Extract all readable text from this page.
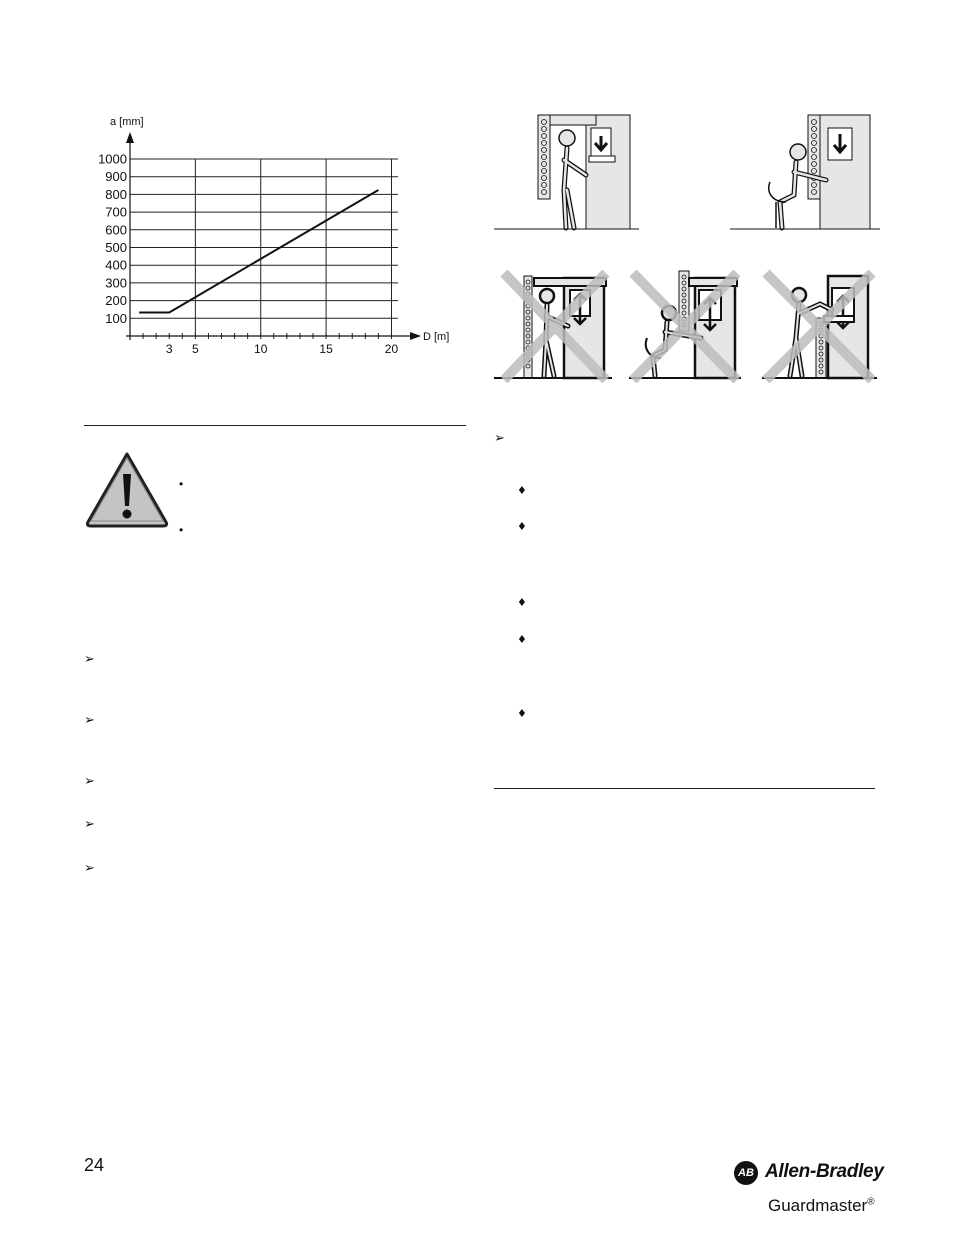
100
200
300
400
500
600
700
800
900
1000
3 5	10	15	20
a [mm]
D [m]
•
•
➢
➢
➢
➢
➢
➢
♦
♦
♦
♦
♦
24	AB Allen-Bradley
Guardmaster®
